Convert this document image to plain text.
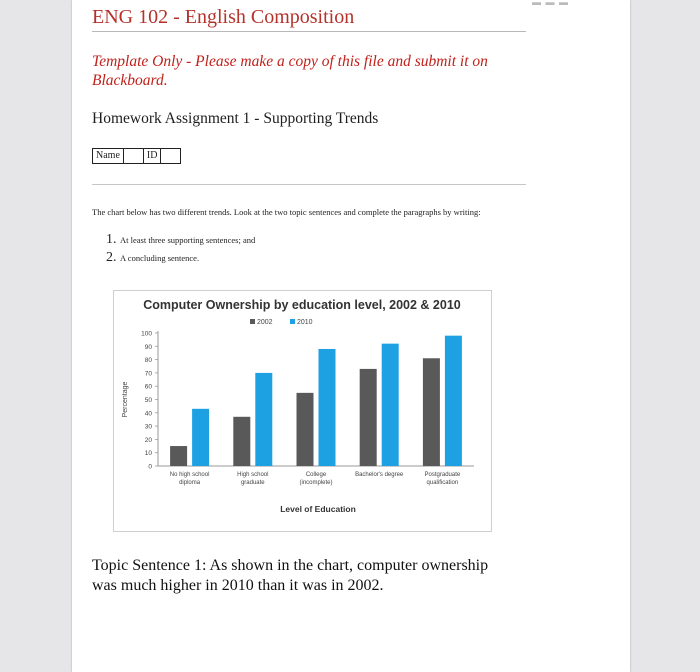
▬ ▬ ▬
ENG 102 - English Composition
Template Only - Please make a copy of this file and submit it on Blackboard.
Homework Assignment 1 - Supporting Trends
Name	ID
The chart below has two different trends. Look at the two topic sentences and complete the paragraphs by writing:
1. At least three supporting sentences; and
2. A concluding sentence.
Computer Ownership by education level, 2002 & 2010
2002	2010
0
10
20
30
40
50
60
70
80
90
100
Percentage
No high school
diploma
High school
graduate
College
(incomplete)
Bachelor's degree	Postgraduate
qualification
Level of Education
Topic Sentence 1: As shown in the chart, computer ownership was much higher in 2010 than it was in 2002.
